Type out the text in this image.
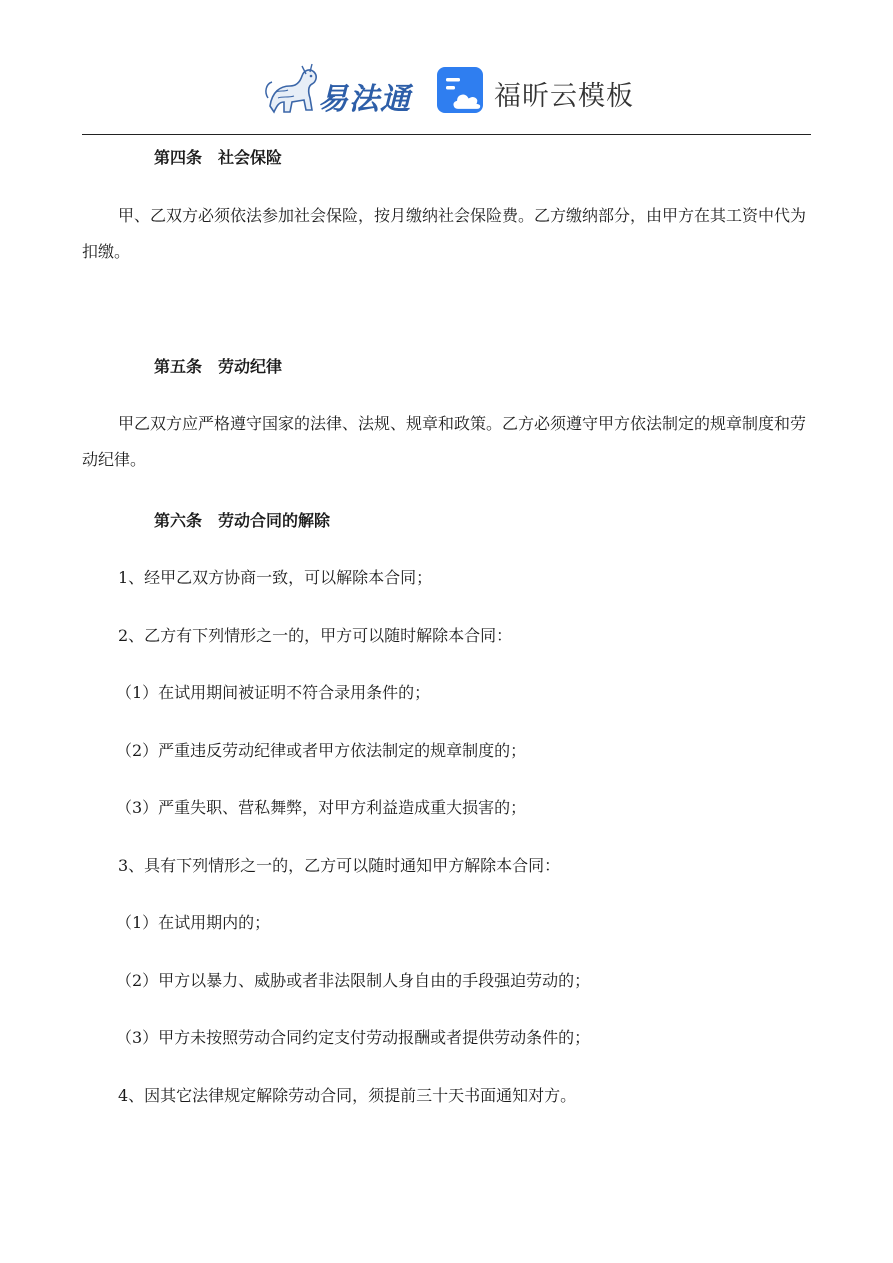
易法通	福昕云模板
第四条 社会保险

甲、乙双方必须依法参加社会保险，按月缴纳社会保险费。乙方缴纳部分，由甲方在其工资中代为扣缴。

第五条 劳动纪律

甲乙双方应严格遵守国家的法律、法规、规章和政策。乙方必须遵守甲方依法制定的规章制度和劳动纪律。

第六条 劳动合同的解除

1、经甲乙双方协商一致，可以解除本合同；

2、乙方有下列情形之一的，甲方可以随时解除本合同：

（1）在试用期间被证明不符合录用条件的；

（2）严重违反劳动纪律或者甲方依法制定的规章制度的；

（3）严重失职、营私舞弊，对甲方利益造成重大损害的；

3、具有下列情形之一的，乙方可以随时通知甲方解除本合同：

（1）在试用期内的；

（2）甲方以暴力、威胁或者非法限制人身自由的手段强迫劳动的；

（3）甲方未按照劳动合同约定支付劳动报酬或者提供劳动条件的；

4、因其它法律规定解除劳动合同，须提前三十天书面通知对方。
